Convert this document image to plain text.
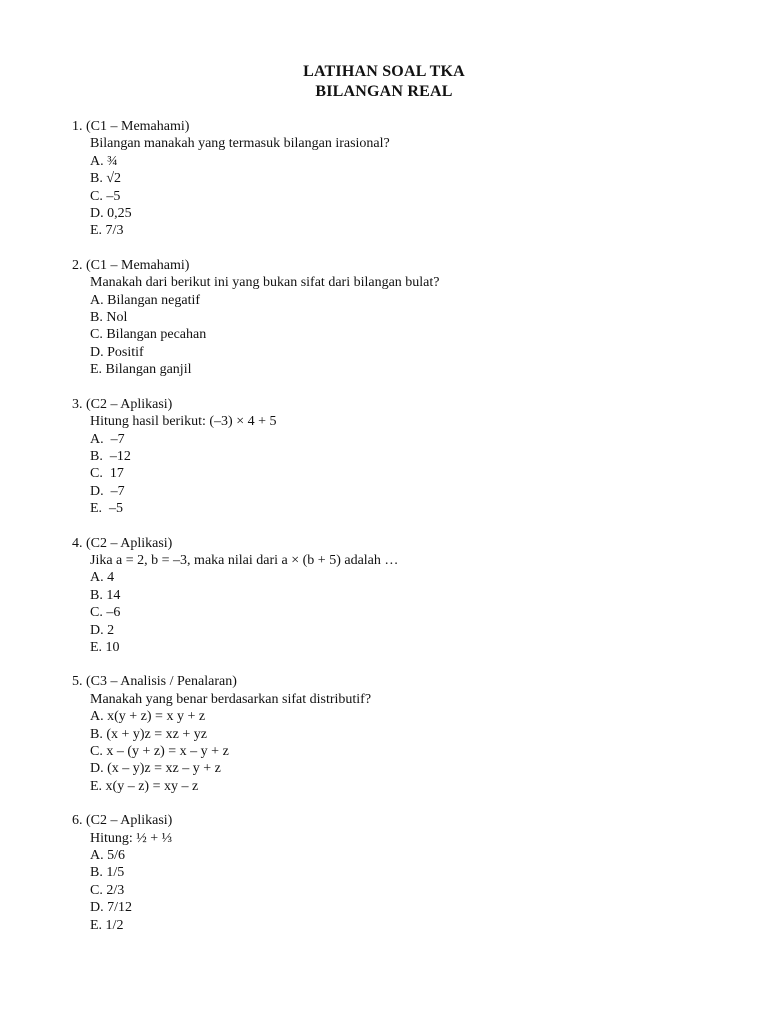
LATIHAN SOAL TKA
BILANGAN REAL
1. (C1 – Memahami)
Bilangan manakah yang termasuk bilangan irasional?
A. ¾
B. √2
C. –5
D. 0,25
E. 7/3
2. (C1 – Memahami)
Manakah dari berikut ini yang bukan sifat dari bilangan bulat?
A. Bilangan negatif
B. Nol
C. Bilangan pecahan
D. Positif
E. Bilangan ganjil
3. (C2 – Aplikasi)
Hitung hasil berikut: (–3) × 4 + 5
A.  –7
B.  –12
C.  17
D.  –7
E.  –5
4. (C2 – Aplikasi)
Jika a = 2, b = –3, maka nilai dari a × (b + 5) adalah …
A. 4
B. 14
C. –6
D. 2
E. 10
5. (C3 – Analisis / Penalaran)
Manakah yang benar berdasarkan sifat distributif?
A. x(y + z) = x y + z
B. (x + y)z = xz + yz
C. x – (y + z) = x – y + z
D. (x – y)z = xz – y + z
E. x(y – z) = xy – z
6. (C2 – Aplikasi)
Hitung: ½ + ⅓
A. 5/6
B. 1/5
C. 2/3
D. 7/12
E. 1/2
